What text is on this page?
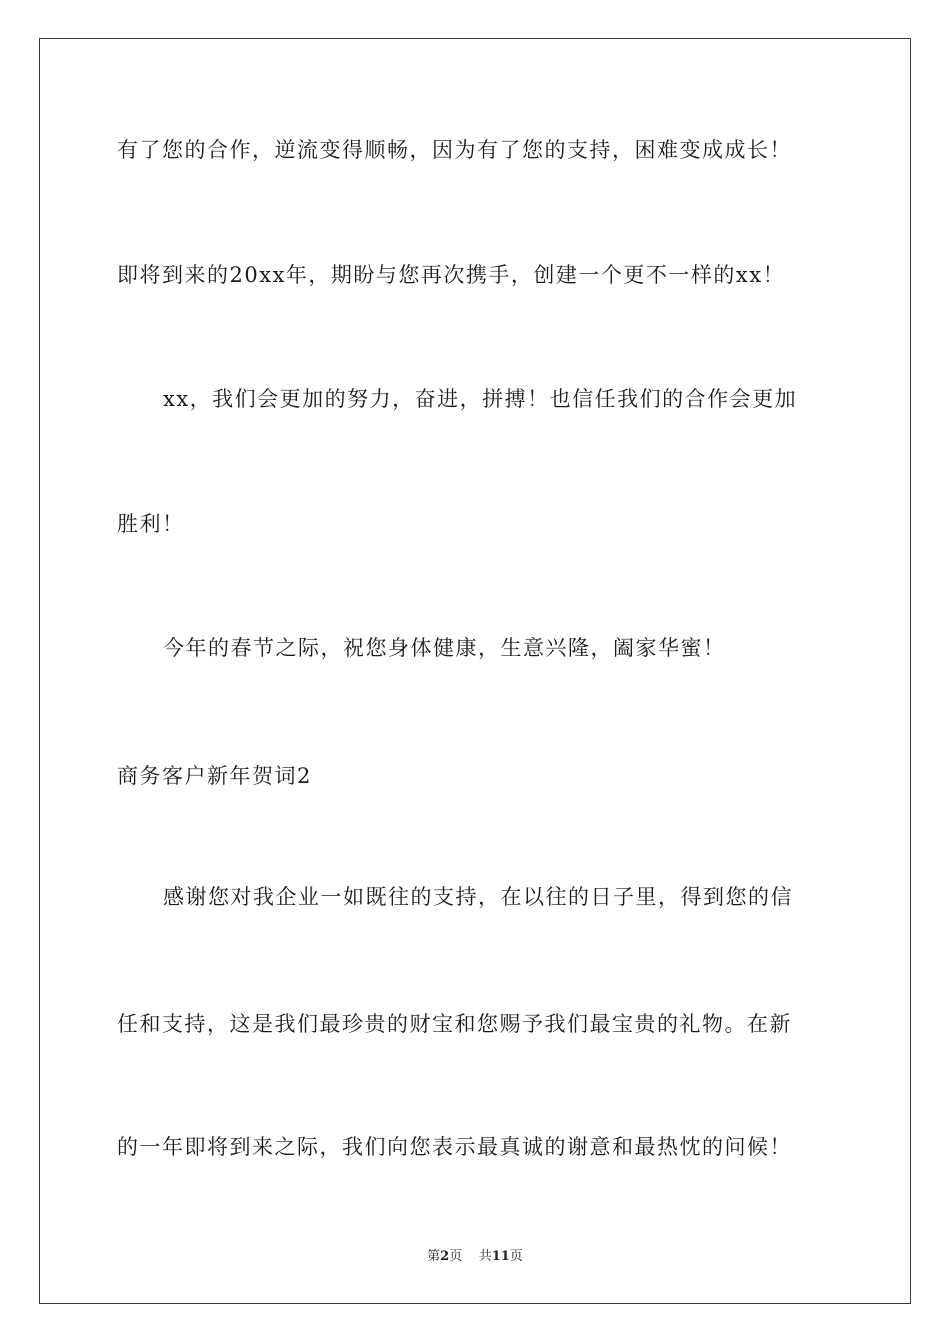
有了您的合作，逆流变得顺畅，因为有了您的支持，困难变成成长！
即将到来的20xx年，期盼与您再次携手，创建一个更不一样的xx！
xx，我们会更加的努力，奋进，拼搏！也信任我们的合作会更加
胜利！
今年的春节之际，祝您身体健康，生意兴隆，阖家华蜜！
商务客户新年贺词2
感谢您对我企业一如既往的支持，在以往的日子里，得到您的信
任和支持，这是我们最珍贵的财宝和您赐予我们最宝贵的礼物。在新
的一年即将到来之际，我们向您表示最真诚的谢意和最热忱的问候！
第2页 共11页
